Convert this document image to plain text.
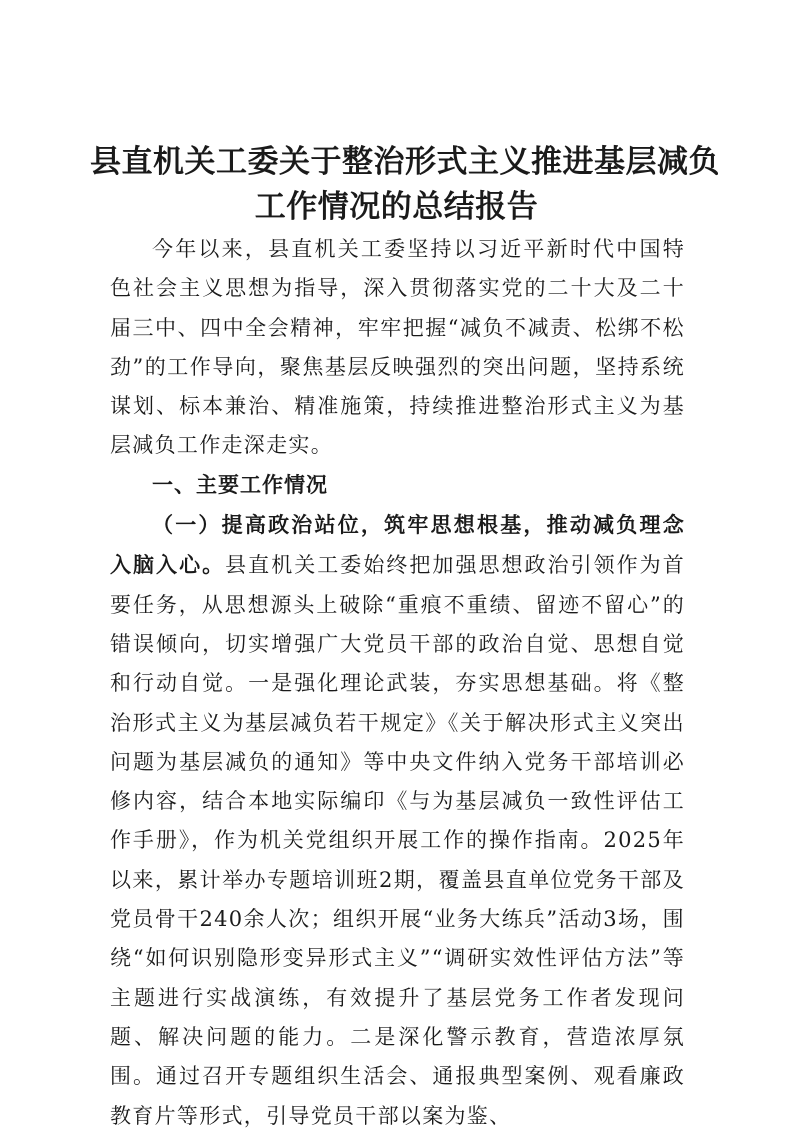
县直机关工委关于整治形式主义推进基层减负
工作情况的总结报告

今年以来，县直机关工委坚持以习近平新时代中国特色社会主义思想为指导，深入贯彻落实党的二十大及二十届三中、四中全会精神，牢牢把握“减负不减责、松绑不松劲”的工作导向，聚焦基层反映强烈的突出问题，坚持系统谋划、标本兼治、精准施策，持续推进整治形式主义为基层减负工作走深走实。

一、主要工作情况

（一）提高政治站位，筑牢思想根基，推动减负理念入脑入心。县直机关工委始终把加强思想政治引领作为首要任务，从思想源头上破除“重痕不重绩、留迹不留心”的错误倾向，切实增强广大党员干部的政治自觉、思想自觉和行动自觉。一是强化理论武装，夯实思想基础。将《整治形式主义为基层减负若干规定》《关于解决形式主义突出问题为基层减负的通知》等中央文件纳入党务干部培训必修内容，结合本地实际编印《与为基层减负一致性评估工作手册》，作为机关党组织开展工作的操作指南。2025年以来，累计举办专题培训班2期，覆盖县直单位党务干部及党员骨干240余人次；组织开展“业务大练兵”活动3场，围绕“如何识别隐形变异形式主义”“调研实效性评估方法”等主题进行实战演练，有效提升了基层党务工作者发现问题、解决问题的能力。二是深化警示教育，营造浓厚氛围。通过召开专题组织生活会、通报典型案例、观看廉政教育片等形式，引导党员干部以案为鉴、
